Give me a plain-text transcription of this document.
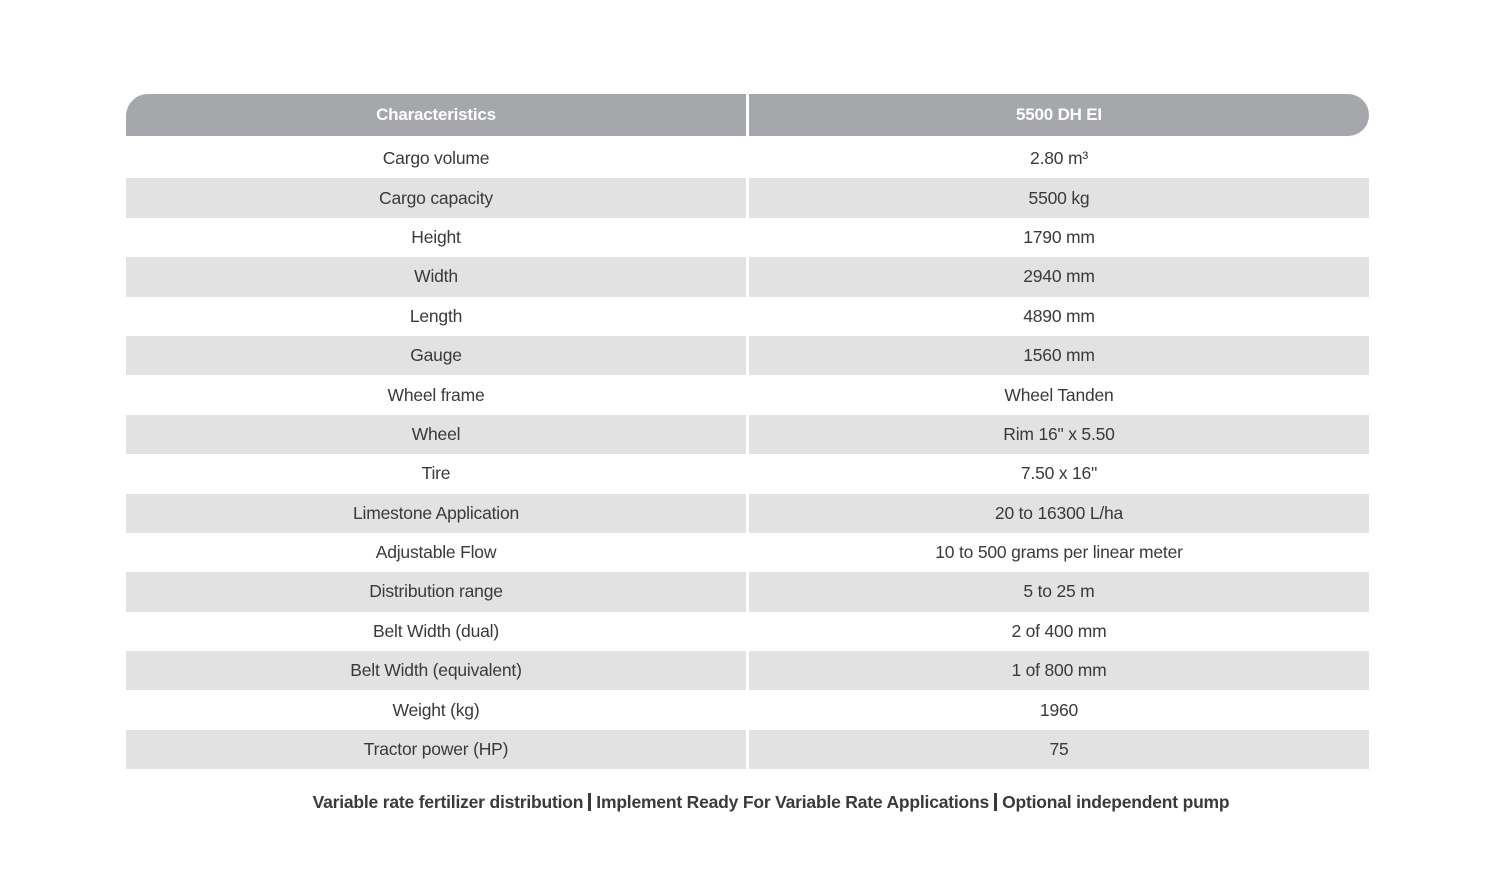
Characteristics	5500 DH EI
Cargo volume	2.80 m³
Cargo capacity	5500 kg
Height	1790 mm
Width	2940 mm
Length	4890 mm
Gauge	1560 mm
Wheel frame	Wheel Tanden
Wheel	Rim 16" x 5.50
Tire	7.50 x 16"
Limestone Application	20 to 16300 L/ha
Adjustable Flow	10 to 500 grams per linear meter
Distribution range	5 to 25 m
Belt Width (dual)	2 of 400 mm
Belt Width (equivalent)	1 of 800 mm
Weight (kg)	1960
Tractor power (HP)	75
Variable rate fertilizer distribution Implement Ready For Variable Rate Applications Optional independent pump
